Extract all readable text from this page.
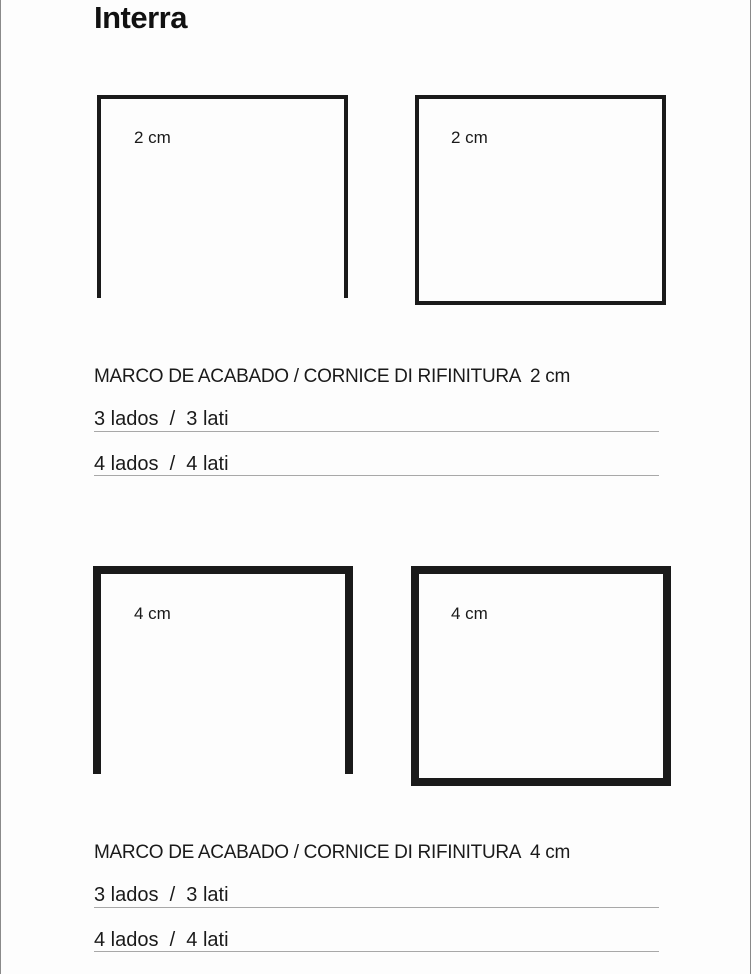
Interra
2 cm	2 cm
MARCO DE ACABADO / CORNICE DI RIFINITURA  2 cm
3 lados  /  3 lati
4 lados  /  4 lati
4 cm	4 cm
MARCO DE ACABADO / CORNICE DI RIFINITURA  4 cm
3 lados  /  3 lati
4 lados  /  4 lati
